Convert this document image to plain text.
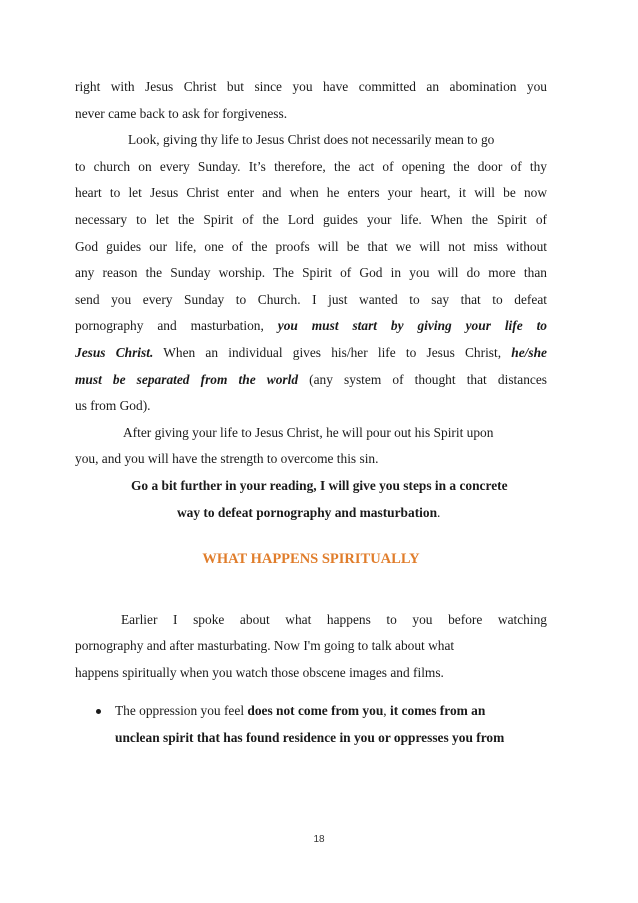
right with Jesus Christ but since you have committed an abomination you
never came back to ask for forgiveness.
Look, giving thy life to Jesus Christ does not necessarily mean to go
to church on every Sunday. It’s therefore, the act of opening the door of thy
heart to let Jesus Christ enter and when he enters your heart, it will be now
necessary to let the Spirit of the Lord guides your life. When the Spirit of
God guides our life, one of the proofs will be that we will not miss without
any reason the Sunday worship. The Spirit of God in you will do more than
send you every Sunday to Church. I just wanted to say that to defeat
pornography and masturbation, you must start by giving your life to
Jesus Christ. When an individual gives his/her life to Jesus Christ, he/she
must be separated from the world (any system of thought that distances
us from God).
After giving your life to Jesus Christ, he will pour out his Spirit upon
you, and you will have the strength to overcome this sin.
Go a bit further in your reading, I will give you steps in a concrete
way to defeat pornography and masturbation.
WHAT HAPPENS SPIRITUALLY
Earlier I spoke about what happens to you before watching
pornography and after masturbating. Now I'm going to talk about what
happens spiritually when you watch those obscene images and films.
The oppression you feel does not come from you, it comes from an
unclean spirit that has found residence in you or oppresses you from
18
